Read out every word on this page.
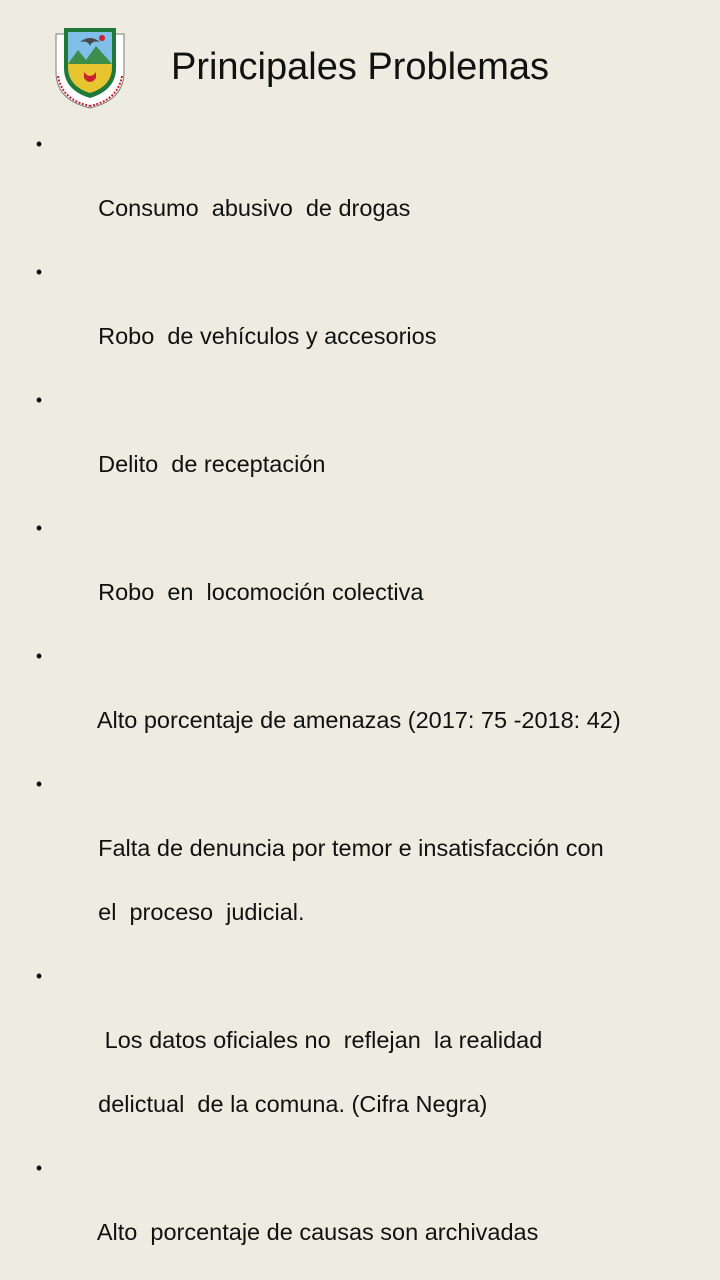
Principales Problemas

•

Consumo  abusivo  de drogas

•

Robo  de vehículos y accesorios

•

Delito  de receptación

•

Robo  en  locomoción colectiva

•

Alto porcentaje de amenazas (2017: 75 -2018: 42)

•

Falta de denuncia por temor e insatisfacción con

el  proceso  judicial.

•

Los datos oficiales no  reflejan  la realidad

delictual  de la comuna. (Cifra Negra)

•

Alto  porcentaje de causas son archivadas
